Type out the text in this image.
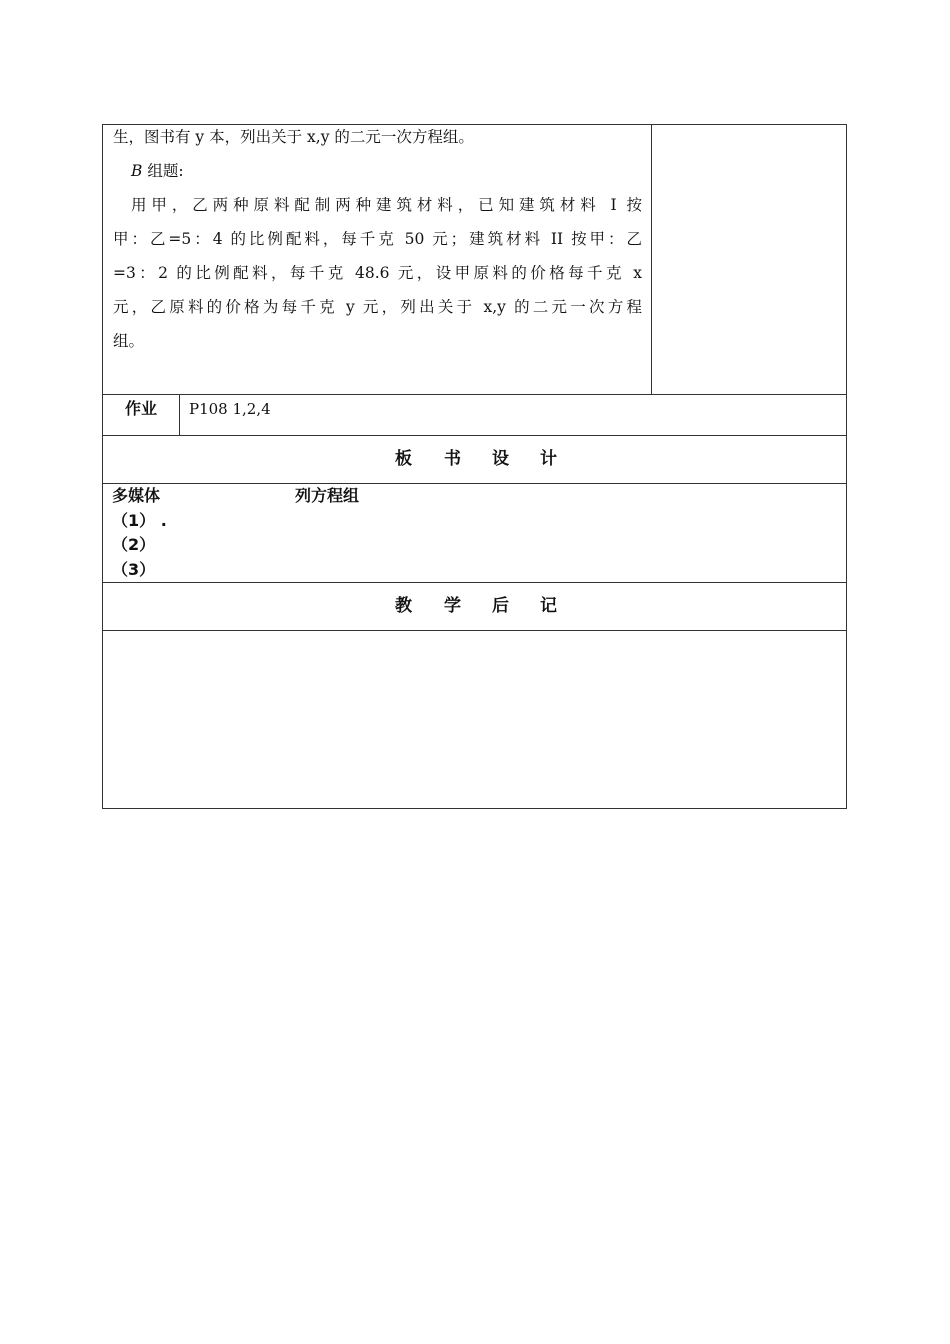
生，图书有 y 本，列出关于 x,y 的二元一次方程组。
B 组题:
用甲，乙两种原料配制两种建筑材料，已知建筑材料 I 按
甲：乙=5：4 的比例配料，每千克 50 元；建筑材料 II 按甲：乙
=3：2 的比例配料，每千克 48.6 元，设甲原料的价格每千克 x
元，乙原料的价格为每千克 y 元，列出关于 x,y 的二元一次方程
组。
作业	P108 1,2,4
板 书 设 计
多媒体	列方程组
（1） .
（2）
（3）
教 学 后 记
